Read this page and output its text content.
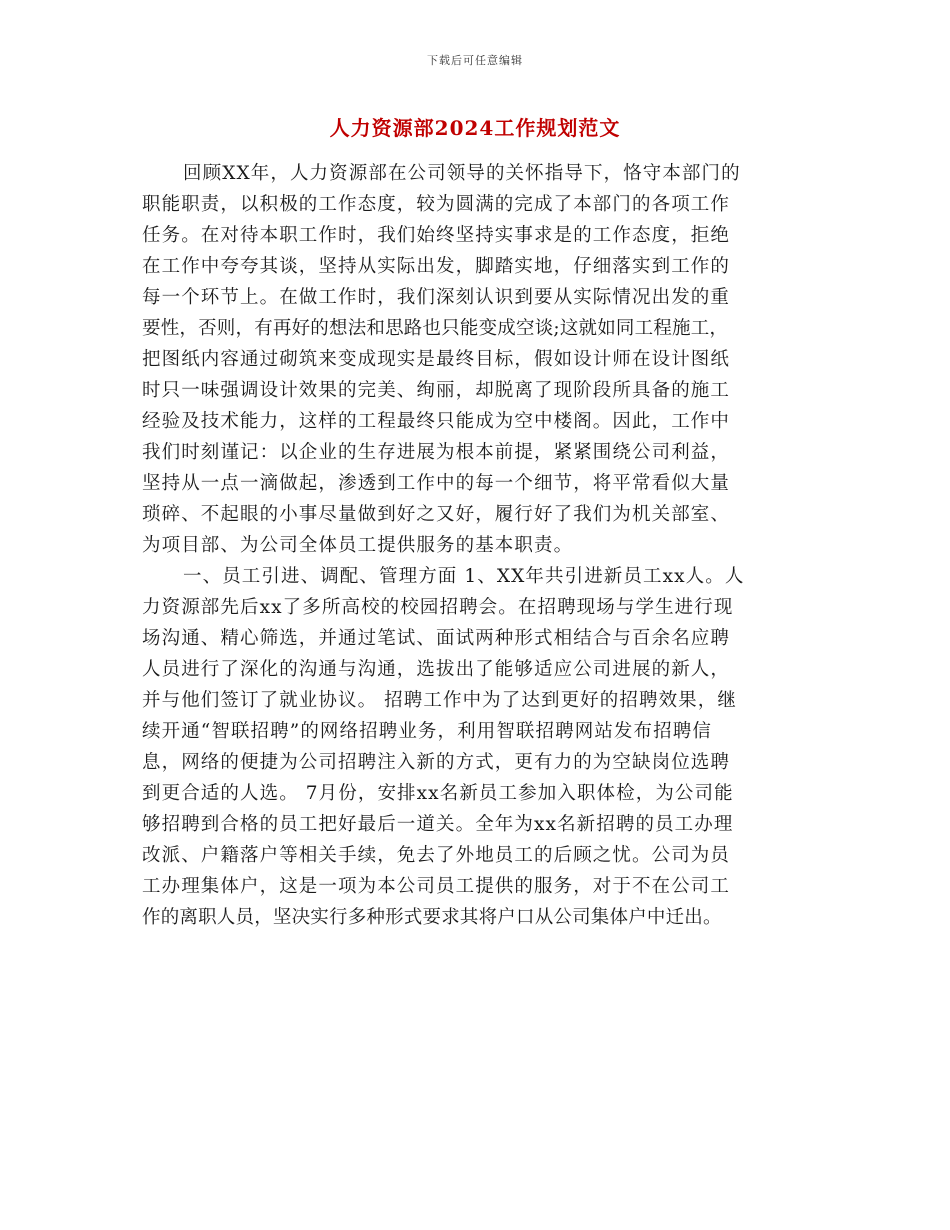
下载后可任意编辑
人力资源部2024工作规划范文
回顾XX年，人力资源部在公司领导的关怀指导下，恪守本部门的
职能职责，以积极的工作态度，较为圆满的完成了本部门的各项工作
任务。在对待本职工作时，我们始终坚持实事求是的工作态度，拒绝
在工作中夸夸其谈，坚持从实际出发，脚踏实地，仔细落实到工作的
每一个环节上。在做工作时，我们深刻认识到要从实际情况出发的重
要性，否则，有再好的想法和思路也只能变成空谈;这就如同工程施工，
把图纸内容通过砌筑来变成现实是最终目标，假如设计师在设计图纸
时只一味强调设计效果的完美、绚丽，却脱离了现阶段所具备的施工
经验及技术能力，这样的工程最终只能成为空中楼阁。因此，工作中
我们时刻谨记：以企业的生存进展为根本前提，紧紧围绕公司利益，
坚持从一点一滴做起，渗透到工作中的每一个细节，将平常看似大量
琐碎、不起眼的小事尽量做到好之又好，履行好了我们为机关部室、
为项目部、为公司全体员工提供服务的基本职责。
一、员工引进、调配、管理方面 1、XX年共引进新员工xx人。人
力资源部先后xx了多所高校的校园招聘会。在招聘现场与学生进行现
场沟通、精心筛选，并通过笔试、面试两种形式相结合与百余名应聘
人员进行了深化的沟通与沟通，选拔出了能够适应公司进展的新人，
并与他们签订了就业协议。 招聘工作中为了达到更好的招聘效果，继
续开通“智联招聘”的网络招聘业务，利用智联招聘网站发布招聘信
息，网络的便捷为公司招聘注入新的方式，更有力的为空缺岗位选聘
到更合适的人选。 7月份，安排xx名新员工参加入职体检，为公司能
够招聘到合格的员工把好最后一道关。全年为xx名新招聘的员工办理
改派、户籍落户等相关手续，免去了外地员工的后顾之忧。公司为员
工办理集体户，这是一项为本公司员工提供的服务，对于不在公司工
作的离职人员，坚决实行多种形式要求其将户口从公司集体户中迁出。
